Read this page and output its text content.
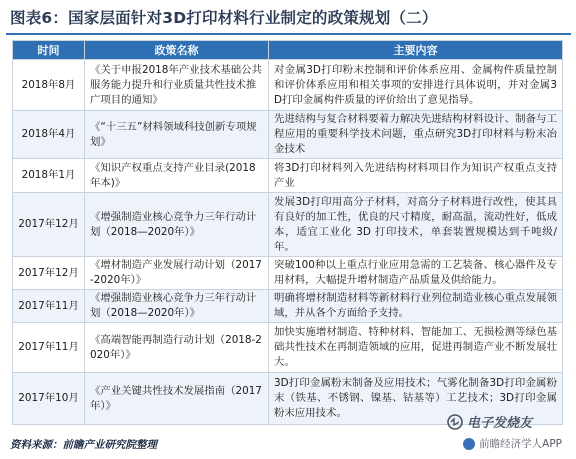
图表6：国家层面针对3D打印材料行业制定的政策规划（二）
时间	政策名称	主要内容
2018年8月	《关于申报2018年产业技术基础公共服务能力提升和行业质量共性技术推广项目的通知》	对金属3D打印粉末控制和评价体系应用、金属构件质量控制和评价体系应用和相关事项的安排进行具体说明，并对金属3D打印金属构件质量的评价给出了意见指导。
2018年4月	《“十三五”材料领域科技创新专项规划》	先进结构与复合材料要着力解决先进结构材料设计、制备与工程应用的重要科学技术问题，重点研究3D打印材料与粉末冶金技术
2018年1月	《知识产权重点支持产业目录(2018年本)》	将3D打印材料列入先进结构材料项目作为知识产权重点支持产业
2017年12月	《增强制造业核心竞争力三年行动计划（2018—2020年）》	发展3D打印用高分子材料，对高分子材料进行改性，使其具有良好的加工性，优良的尺寸精度，耐高温，流动性好，低成本，适宜工业化 3D 打印技术，单套装置规模达到千吨级/年。
2017年12月	《增材制造产业发展行动计划（2017-2020年）》	突破100种以上重点行业应用急需的工艺装备、核心器件及专用材料，大幅提升增材制造产品质量及供给能力。
2017年11月	《增强制造业核心竞争力三年行动计划（2018—2020年）》	明确将增材制造材料等新材料行业列位制造业核心重点发展领域，并从各个方面给予支持。
2017年11月	《高端智能再制造行动计划（2018-2020年）》	加快实施增材制造、特种材料、智能加工、无损检测等绿色基础共性技术在再制造领域的应用，促进再制造产业不断发展壮大。
2017年10月	《产业关键共性技术发展指南（2017年）》	3D打印金属粉末制备及应用技术；气雾化制备3D打印金属粉末（铁基、不锈钢、镍基、钴基等）工艺技术；3D打印金属粉末应用技术。
电子发烧友
资料来源：前瞻产业研究院整理	前瞻经济学人APP
